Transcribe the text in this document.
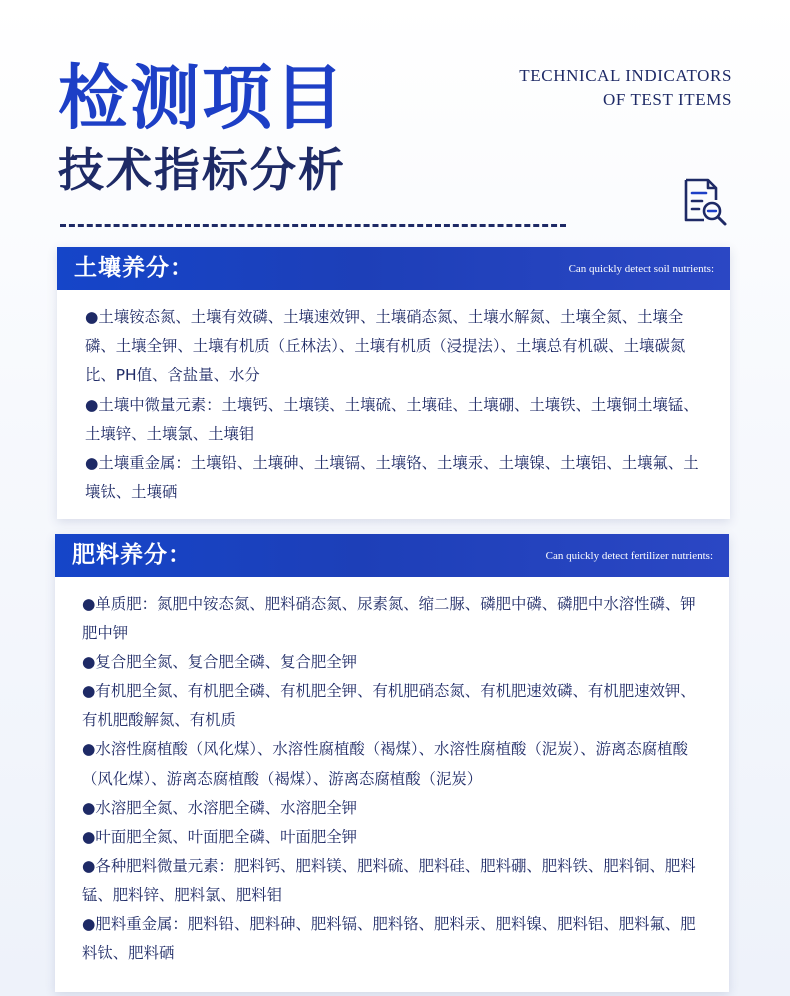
检测项目
技术指标分析
TECHNICAL INDICATORS
OF TEST ITEMS
土壤养分：	Can quickly detect soil nutrients:

●土壤铵态氮、土壤有效磷、土壤速效钾、土壤硝态氮、土壤水解氮、土壤全氮、土壤全磷、土壤全钾、土壤有机质（丘林法）、土壤有机质（浸提法）、土壤总有机碳、土壤碳氮比、PH值、含盐量、水分

●土壤中微量元素：土壤钙、土壤镁、土壤硫、土壤硅、土壤硼、土壤铁、土壤铜土壤锰、土壤锌、土壤氯、土壤钼

●土壤重金属：土壤铅、土壤砷、土壤镉、土壤铬、土壤汞、土壤镍、土壤铝、土壤氟、土壤钛、土壤硒

肥料养分：	Can quickly detect fertilizer nutrients:

●单质肥：氮肥中铵态氮、肥料硝态氮、尿素氮、缩二脲、磷肥中磷、磷肥中水溶性磷、钾肥中钾

●复合肥全氮、复合肥全磷、复合肥全钾

●有机肥全氮、有机肥全磷、有机肥全钾、有机肥硝态氮、有机肥速效磷、有机肥速效钾、有机肥酸解氮、有机质

●水溶性腐植酸（风化煤）、水溶性腐植酸（褐煤）、水溶性腐植酸（泥炭）、游离态腐植酸（风化煤）、游离态腐植酸（褐煤）、游离态腐植酸（泥炭）

●水溶肥全氮、水溶肥全磷、水溶肥全钾

●叶面肥全氮、叶面肥全磷、叶面肥全钾

●各种肥料微量元素：肥料钙、肥料镁、肥料硫、肥料硅、肥料硼、肥料铁、肥料铜、肥料锰、肥料锌、肥料氯、肥料钼

●肥料重金属：肥料铅、肥料砷、肥料镉、肥料铬、肥料汞、肥料镍、肥料铝、肥料氟、肥料钛、肥料硒
